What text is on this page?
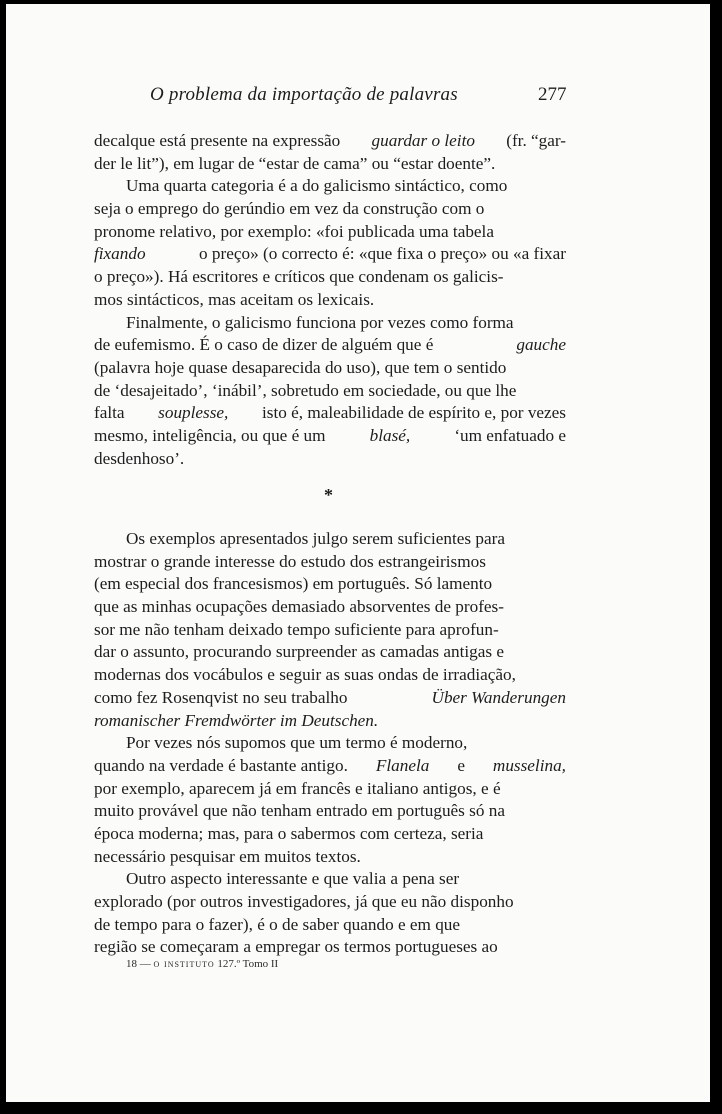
O problema da importação de palavras	277
decalque está presente na expressão guardar o leito (fr. “gar-
der le lit”), em lugar de “estar de cama” ou “estar doente”.
Uma quarta categoria é a do galicismo sintáctico, como
seja o emprego do gerúndio em vez da construção com o
pronome relativo, por exemplo: «foi publicada uma tabela
fixando	o preço» (o correcto é: «que fixa o preço» ou «a fixar
o preço»). Há escritores e críticos que condenam os galicis-
mos sintácticos, mas aceitam os lexicais.
Finalmente, o galicismo funciona por vezes como forma
de eufemismo. É o caso de dizer de alguém que é	gauche
(palavra hoje quase desaparecida do uso), que tem o sentido
de ‘desajeitado’, ‘inábil’, sobretudo em sociedade, ou que lhe
falta souplesse, isto é, maleabilidade de espírito e, por vezes
mesmo, inteligência, ou que é um	blasé,	‘um enfatuado e
desdenhoso’.
*
Os exemplos apresentados julgo serem suficientes para
mostrar o grande interesse do estudo dos estrangeirismos
(em especial dos francesismos) em português. Só lamento
que as minhas ocupações demasiado absorventes de profes-
sor me não tenham deixado tempo suficiente para aprofun-
dar o assunto, procurando surpreender as camadas antigas e
modernas dos vocábulos e seguir as suas ondas de irradiação,
como fez Rosenqvist no seu trabalho	Über Wanderungen
romanischer Fremdwörter im Deutschen.
Por vezes nós supomos que um termo é moderno,
quando na verdade é bastante antigo. Flanela e musselina,
por exemplo, aparecem já em francês e italiano antigos, e é
muito provável que não tenham entrado em português só na
época moderna; mas, para o sabermos com certeza, seria
necessário pesquisar em muitos textos.
Outro aspecto interessante e que valia a pena ser
explorado (por outros investigadores, já que eu não disponho
de tempo para o fazer), é o de saber quando e em que
região se começaram a empregar os termos portugueses ao
18 — o instituto 127.º Tomo II
